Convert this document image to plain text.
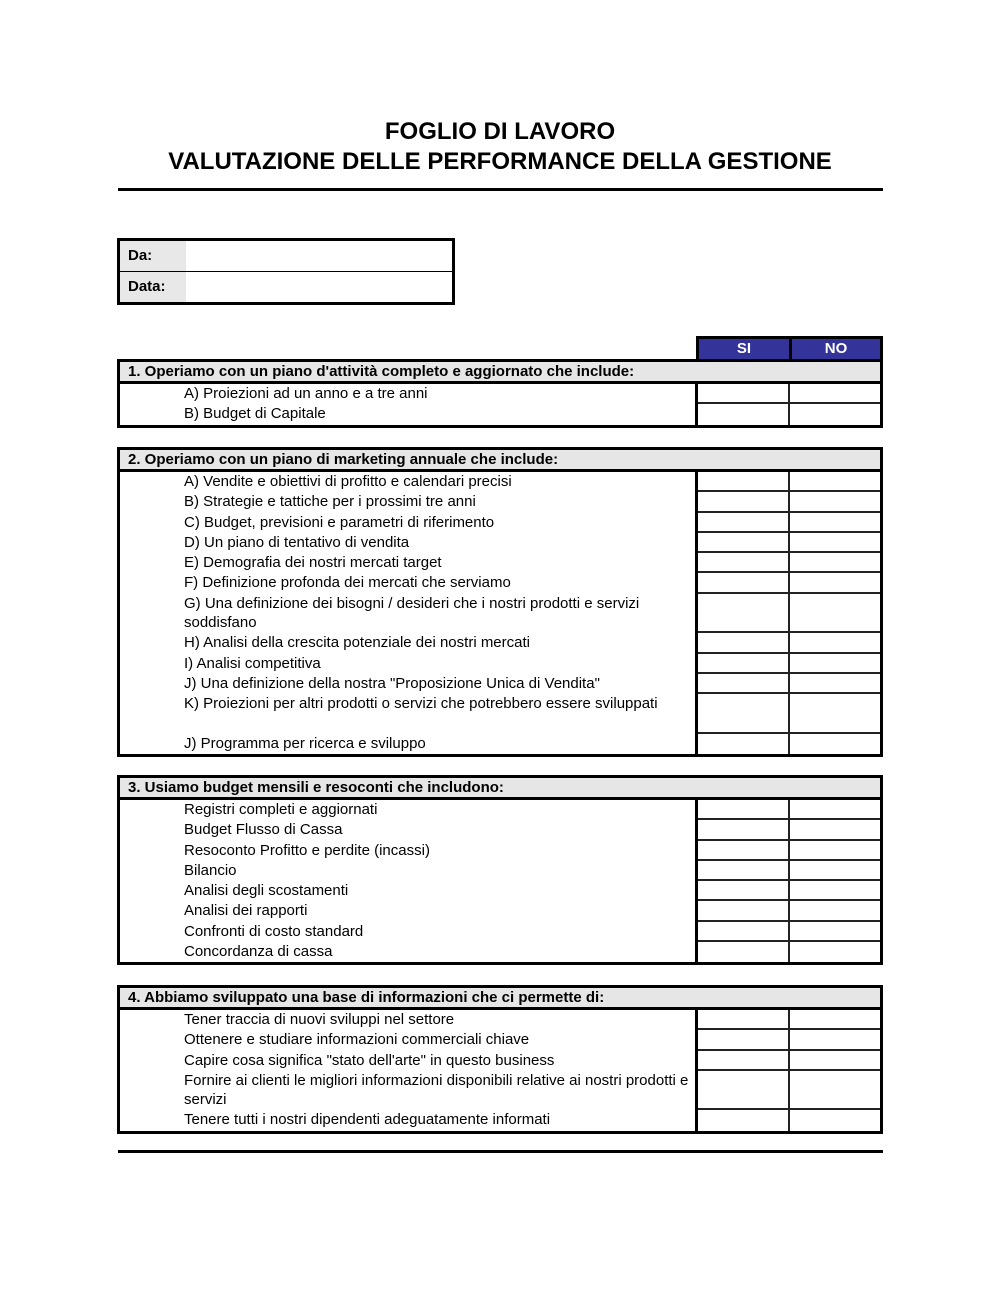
FOGLIO DI LAVORO
VALUTAZIONE DELLE PERFORMANCE DELLA GESTIONE
Da:
Data:
SI	NO
1. Operiamo con un piano d'attività completo e aggiornato che include:
A) Proiezioni ad un anno e a tre anni
B) Budget di Capitale
2. Operiamo con un piano di marketing annuale che include:
A) Vendite e obiettivi di profitto e calendari precisi
B) Strategie e tattiche per i prossimi tre anni
C) Budget, previsioni e parametri di riferimento
D) Un piano di tentativo di vendita
E) Demografia dei nostri mercati target
F) Definizione profonda dei mercati che serviamo
G) Una definizione dei bisogni / desideri che i nostri prodotti e servizi soddisfano
H) Analisi della crescita potenziale dei nostri mercati
I) Analisi competitiva
J) Una definizione della nostra "Proposizione Unica di Vendita"
K) Proiezioni per altri prodotti o servizi che potrebbero essere sviluppati
J) Programma per ricerca e sviluppo
3. Usiamo budget mensili e resoconti che includono:
Registri completi e aggiornati
Budget Flusso di Cassa
Resoconto Profitto e perdite (incassi)
Bilancio
Analisi degli scostamenti
Analisi dei rapporti
Confronti di costo standard
Concordanza di cassa
4. Abbiamo sviluppato una base di informazioni che ci permette di:
Tener traccia di nuovi sviluppi nel settore
Ottenere e studiare informazioni commerciali chiave
Capire cosa significa "stato dell'arte" in questo business
Fornire ai clienti le migliori informazioni disponibili relative ai nostri prodotti e servizi
Tenere tutti i nostri dipendenti adeguatamente informati
